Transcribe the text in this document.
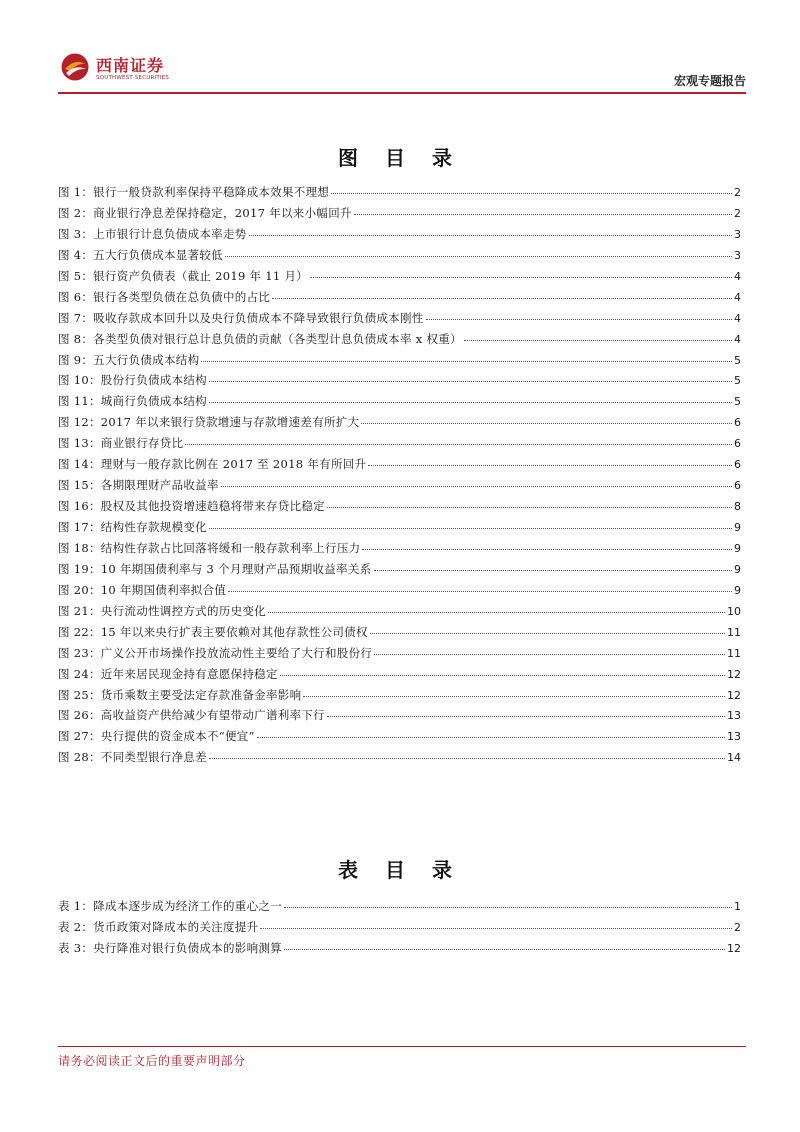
西南证券
SOUTHWEST SECURITIES	宏观专题报告
图 目 录
图 1：银行一般贷款利率保持平稳降成本效果不理想	2
图 2：商业银行净息差保持稳定，2017 年以来小幅回升	2
图 3：上市银行计息负债成本率走势	3
图 4：五大行负债成本显著较低	3
图 5：银行资产负债表（截止 2019 年 11 月）	4
图 6：银行各类型负债在总负债中的占比	4
图 7：吸收存款成本回升以及央行负债成本不降导致银行负债成本刚性	4
图 8：各类型负债对银行总计息负债的贡献（各类型计息负债成本率 x 权重）	4
图 9：五大行负债成本结构	5
图 10：股份行负债成本结构	5
图 11：城商行负债成本结构	5
图 12：2017 年以来银行贷款增速与存款增速差有所扩大	6
图 13：商业银行存贷比	6
图 14：理财与一般存款比例在 2017 至 2018 年有所回升	6
图 15：各期限理财产品收益率	6
图 16：股权及其他投资增速趋稳将带来存贷比稳定	8
图 17：结构性存款规模变化	9
图 18：结构性存款占比回落将缓和一般存款利率上行压力	9
图 19：10 年期国债利率与 3 个月理财产品预期收益率关系	9
图 20：10 年期国债利率拟合值	9
图 21：央行流动性调控方式的历史变化	10
图 22：15 年以来央行扩表主要依赖对其他存款性公司债权	11
图 23：广义公开市场操作投放流动性主要给了大行和股份行	11
图 24：近年来居民现金持有意愿保持稳定	12
图 25：货币乘数主要受法定存款准备金率影响	12
图 26：高收益资产供给减少有望带动广谱利率下行	13
图 27：央行提供的资金成本不“便宜”	13
图 28：不同类型银行净息差	14
表 目 录
表 1：降成本逐步成为经济工作的重心之一	1
表 2：货币政策对降成本的关注度提升	2
表 3：央行降准对银行负债成本的影响测算	12
请务必阅读正文后的重要声明部分
